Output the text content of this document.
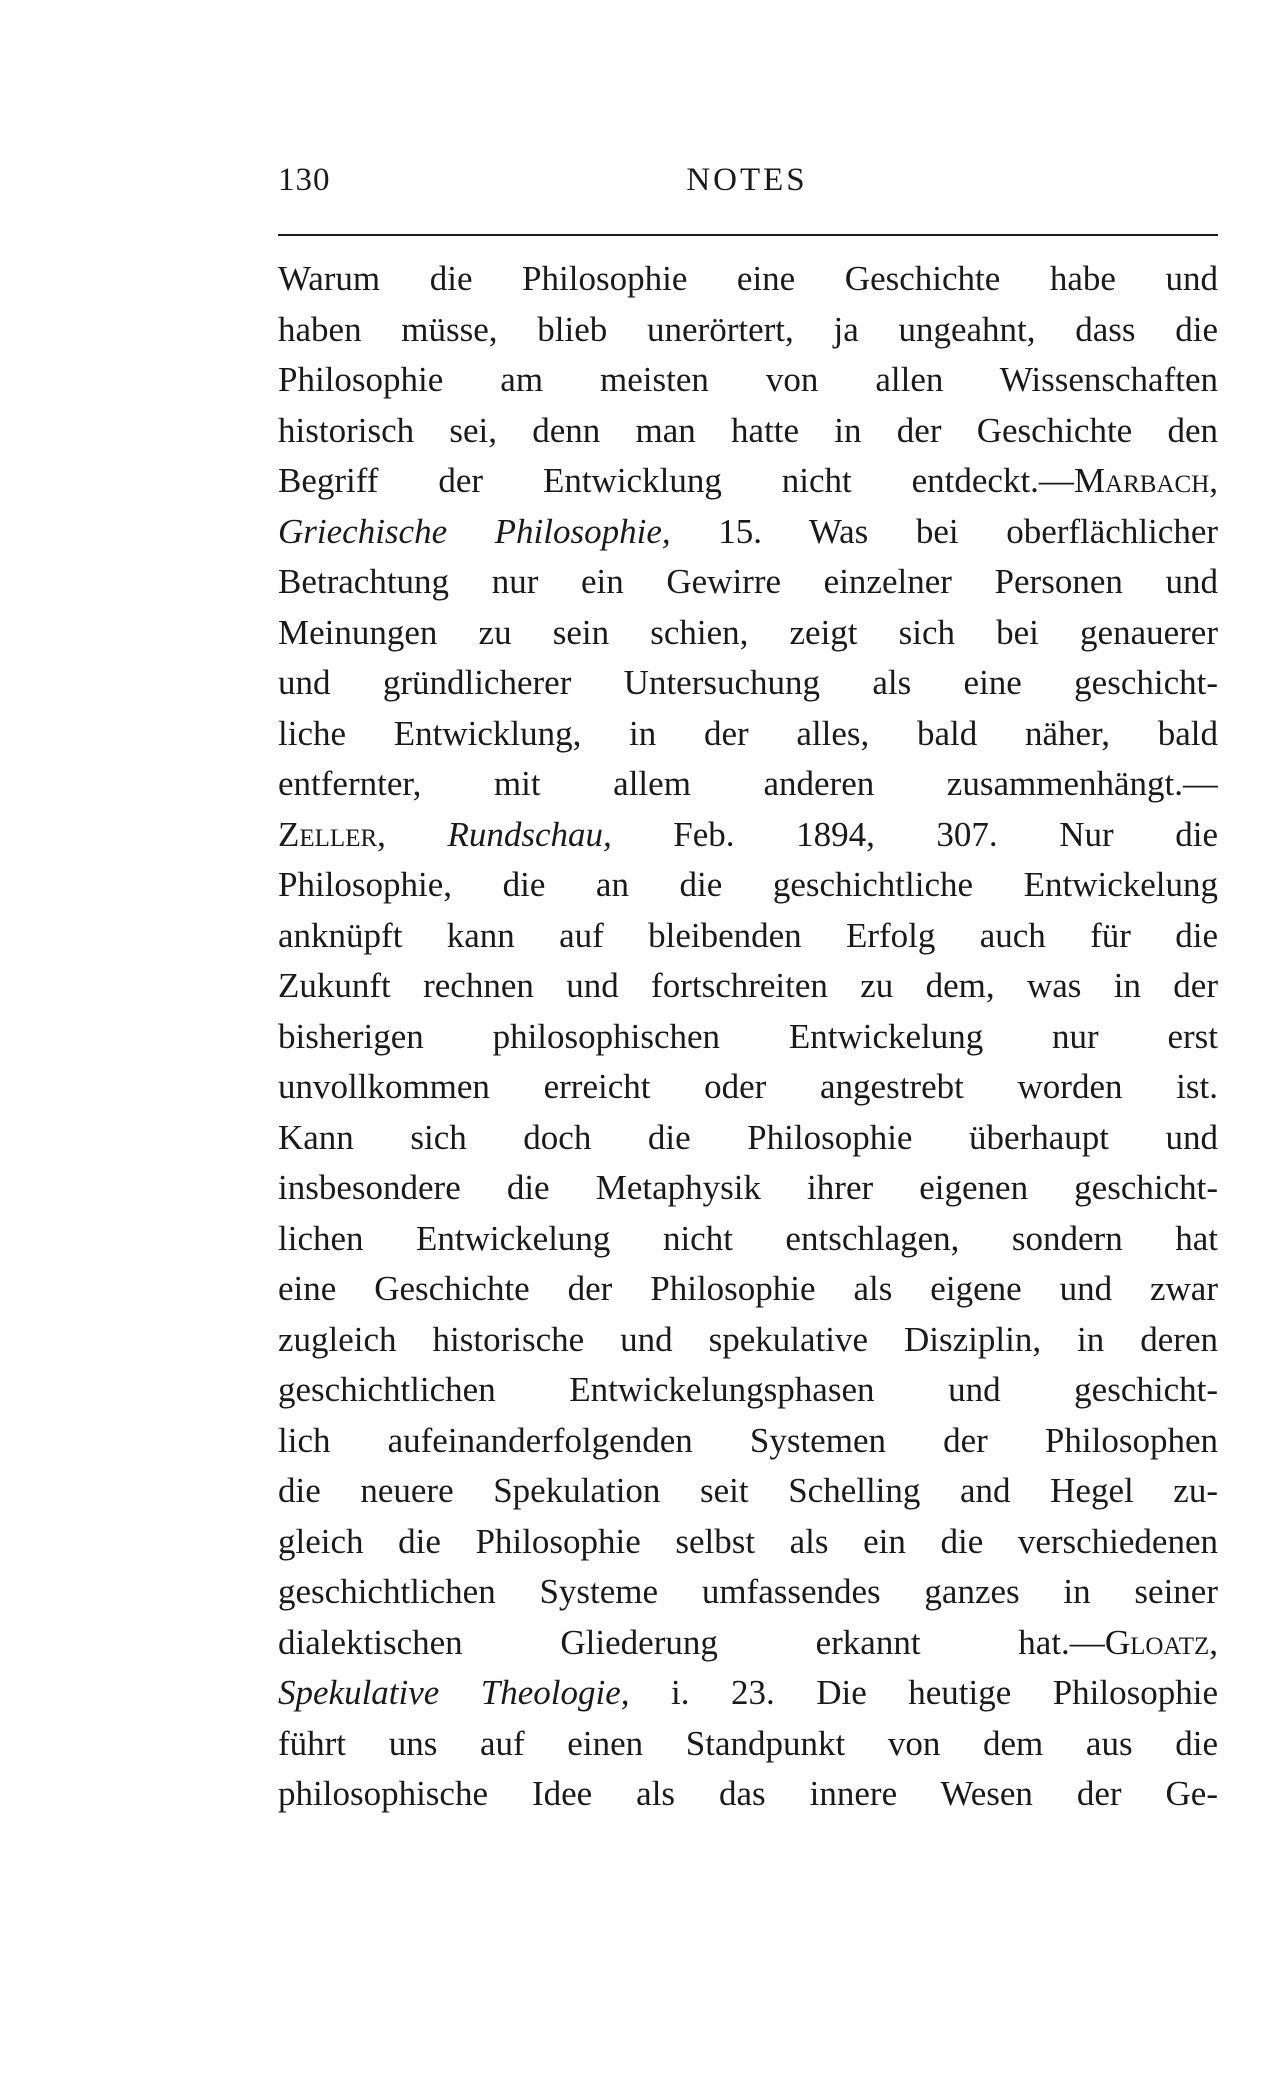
130	NOTES
Warum die Philosophie eine Geschichte habe und
haben müsse, blieb unerörtert, ja ungeahnt, dass die
Philosophie am meisten von allen Wissenschaften
historisch sei, denn man hatte in der Geschichte den
Begriff der Entwicklung nicht entdeckt.—Marbach,
Griechische Philosophie, 15. Was bei oberflächlicher
Betrachtung nur ein Gewirre einzelner Personen und
Meinungen zu sein schien, zeigt sich bei genauerer
und gründlicherer Untersuchung als eine geschicht-
liche Entwicklung, in der alles, bald näher, bald
entfernter, mit allem anderen zusammenhängt.—
Zeller, Rundschau, Feb. 1894, 307. Nur die
Philosophie, die an die geschichtliche Entwickelung
anknüpft kann auf bleibenden Erfolg auch für die
Zukunft rechnen und fortschreiten zu dem, was in der
bisherigen philosophischen Entwickelung nur erst
unvollkommen erreicht oder angestrebt worden ist.
Kann sich doch die Philosophie überhaupt und
insbesondere die Metaphysik ihrer eigenen geschicht-
lichen Entwickelung nicht entschlagen, sondern hat
eine Geschichte der Philosophie als eigene und zwar
zugleich historische und spekulative Disziplin, in deren
geschichtlichen Entwickelungsphasen und geschicht-
lich aufeinanderfolgenden Systemen der Philosophen
die neuere Spekulation seit Schelling and Hegel zu-
gleich die Philosophie selbst als ein die verschiedenen
geschichtlichen Systeme umfassendes ganzes in seiner
dialektischen Gliederung erkannt hat.—Gloatz,
Spekulative Theologie, i. 23. Die heutige Philosophie
führt uns auf einen Standpunkt von dem aus die
philosophische Idee als das innere Wesen der Ge-
